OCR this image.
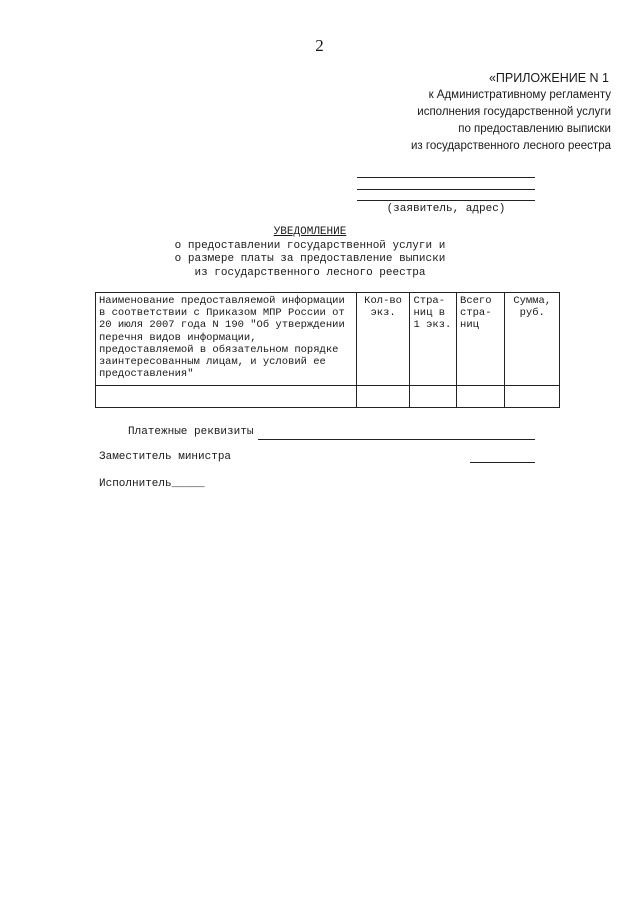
2
«ПРИЛОЖЕНИЕ N 1
к Административному регламенту
исполнения государственной услуги
по предоставлению выписки
из государственного лесного реестра
(заявитель, адрес)
УВЕДОМЛЕНИЕ
о предоставлении государственной услуги и
о размере платы за предоставление выписки
из государственного лесного реестра
Наименование предоставляемой информации в соответствии с Приказом МПР России от 20 июля 2007 года N 190 "Об утверждении перечня видов информации, предоставляемой в обязательном порядке заинтересованным лицам, и условий ее предоставления"	Кол-во экз.	Стра- ниц в 1 экз.	Всего стра- ниц	Сумма, руб.

Платежные реквизиты
Заместитель министра
Исполнитель_____
